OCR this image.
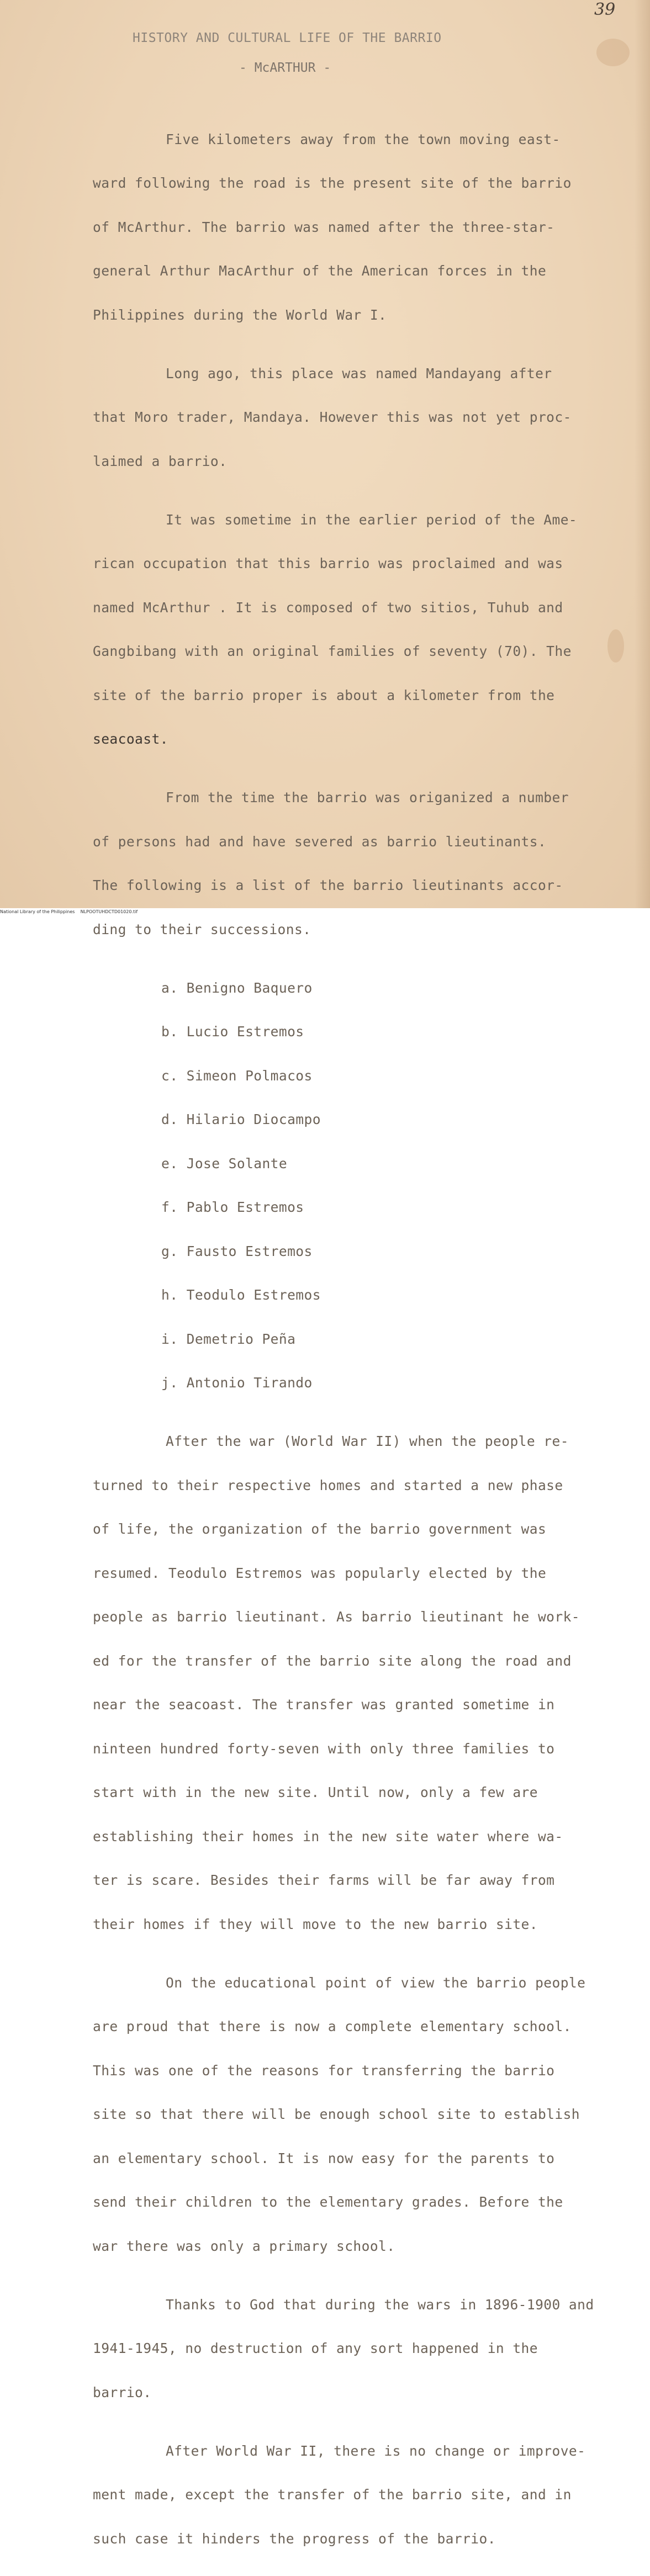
39
HISTORY AND CULTURAL LIFE OF THE BARRIO
- McARTHUR -

Five kilometers away from the town moving east-

ward following the road is the present site of the barrio

of McArthur. The barrio was named after the three-star-

general Arthur MacArthur of the American forces in the

Philippines during the World War I.

Long ago, this place was named Mandayang after

that Moro trader, Mandaya. However this was not yet proc-

laimed a barrio.

It was sometime in the earlier period of the Ame-

rican occupation that this barrio was proclaimed and was

named McArthur . It is composed of two sitios, Tuhub and

Gangbibang with an original families of seventy (70). The

site of the barrio proper is about a kilometer from the

seacoast.

From the time the barrio was origanized a number

of persons had and have severed as barrio lieutinants.

The following is a list of the barrio lieutinants accor-

ding to their successions.

a. Benigno Baquero

b. Lucio Estremos

c. Simeon Polmacos

d. Hilario Diocampo

e. Jose Solante

f. Pablo Estremos

g. Fausto Estremos

h. Teodulo Estremos

i. Demetrio Peña

j. Antonio Tirando

After the war (World War II) when the people re-

turned to their respective homes and started a new phase

of life, the organization of the barrio government was

resumed. Teodulo Estremos was popularly elected by the

people as barrio lieutinant. As barrio lieutinant he work-

ed for the transfer of the barrio site along the road and

near the seacoast. The transfer was granted sometime in

ninteen hundred forty-seven with only three families to

start with in the new site. Until now, only a few are

establishing their homes in the new site water where wa-

ter is scare. Besides their farms will be far away from

their homes if they will move to the new barrio site.

On the educational point of view the barrio people

are proud that there is now a complete elementary school.

This was one of the reasons for transferring the barrio

site so that there will be enough school site to establish

an elementary school. It is now easy for the parents to

send their children to the elementary grades. Before the

war there was only a primary school.

Thanks to God that during the wars in 1896-1900 and

1941-1945, no destruction of any sort happened in the

barrio.

After World War II, there is no change or improve-

ment made, except the transfer of the barrio site, and in

such case it hinders the progress of the barrio.

National Library of the Philippines    NLPOOTUHDCTD01020.tif
